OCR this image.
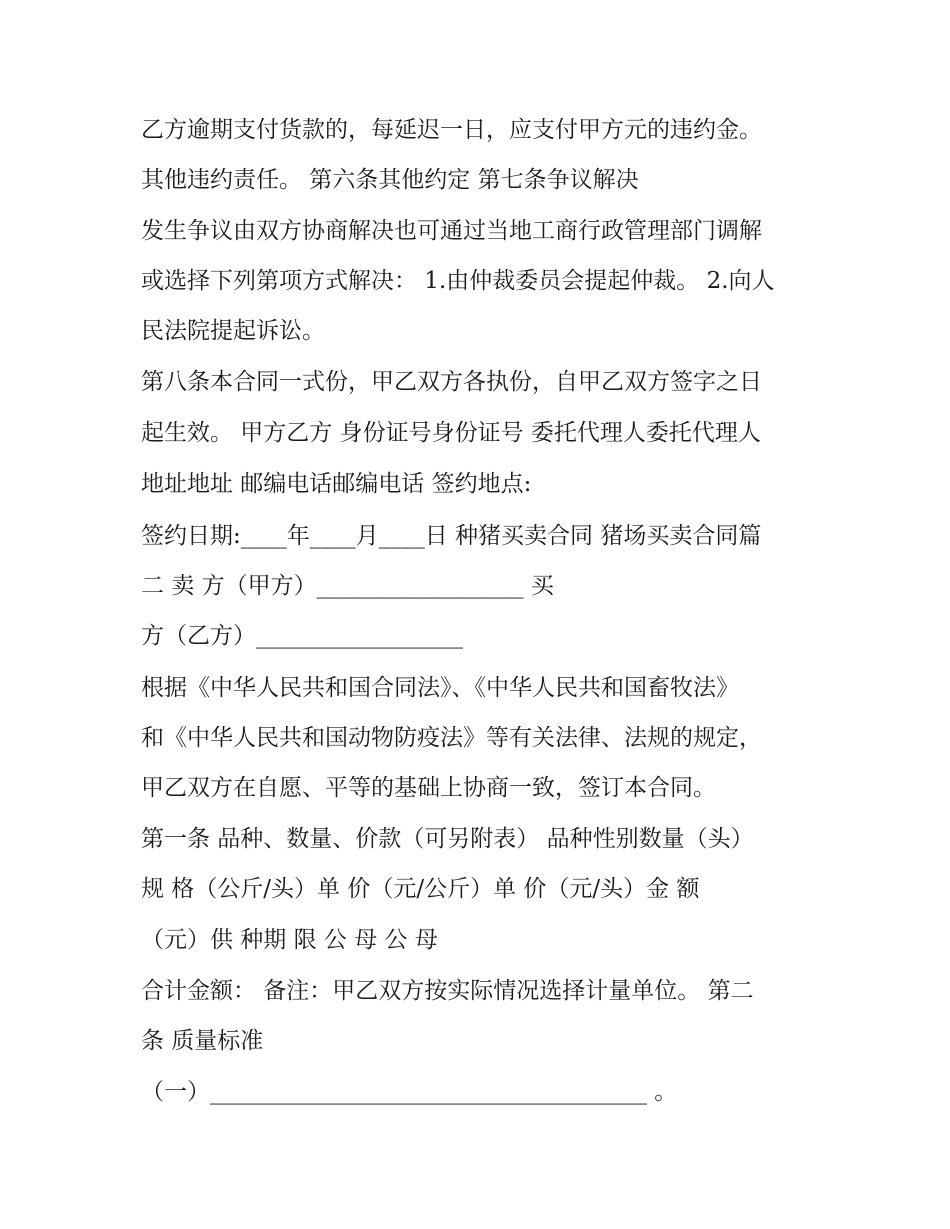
乙方逾期支付货款的，每延迟一日，应支付甲方元的违约金。
其他违约责任。 第六条其他约定 第七条争议解决
发生争议由双方协商解决也可通过当地工商行政管理部门调解
或选择下列第项方式解决： 1.由仲裁委员会提起仲裁。 2.向人
民法院提起诉讼。
第八条本合同一式份，甲乙双方各执份，自甲乙双方签字之日
起生效。 甲方乙方 身份证号身份证号 委托代理人委托代理人
地址地址 邮编电话邮编电话 签约地点:
签约日期:____年____月____日 种猪买卖合同 猪场买卖合同篇
二 卖 方（甲方）__________________ 买
方（乙方）__________________
根据《中华人民共和国合同法》、《中华人民共和国畜牧法》
和《中华人民共和国动物防疫法》等有关法律、法规的规定，
甲乙双方在自愿、平等的基础上协商一致，签订本合同。
第一条 品种、数量、价款（可另附表） 品种性别数量（头）
规 格（公斤/头）单 价（元/公斤）单 价（元/头）金 额
（元）供 种期 限 公 母 公 母
合计金额： 备注：甲乙双方按实际情况选择计量单位。 第二
条 质量标准
（一）______________________________________ 。
